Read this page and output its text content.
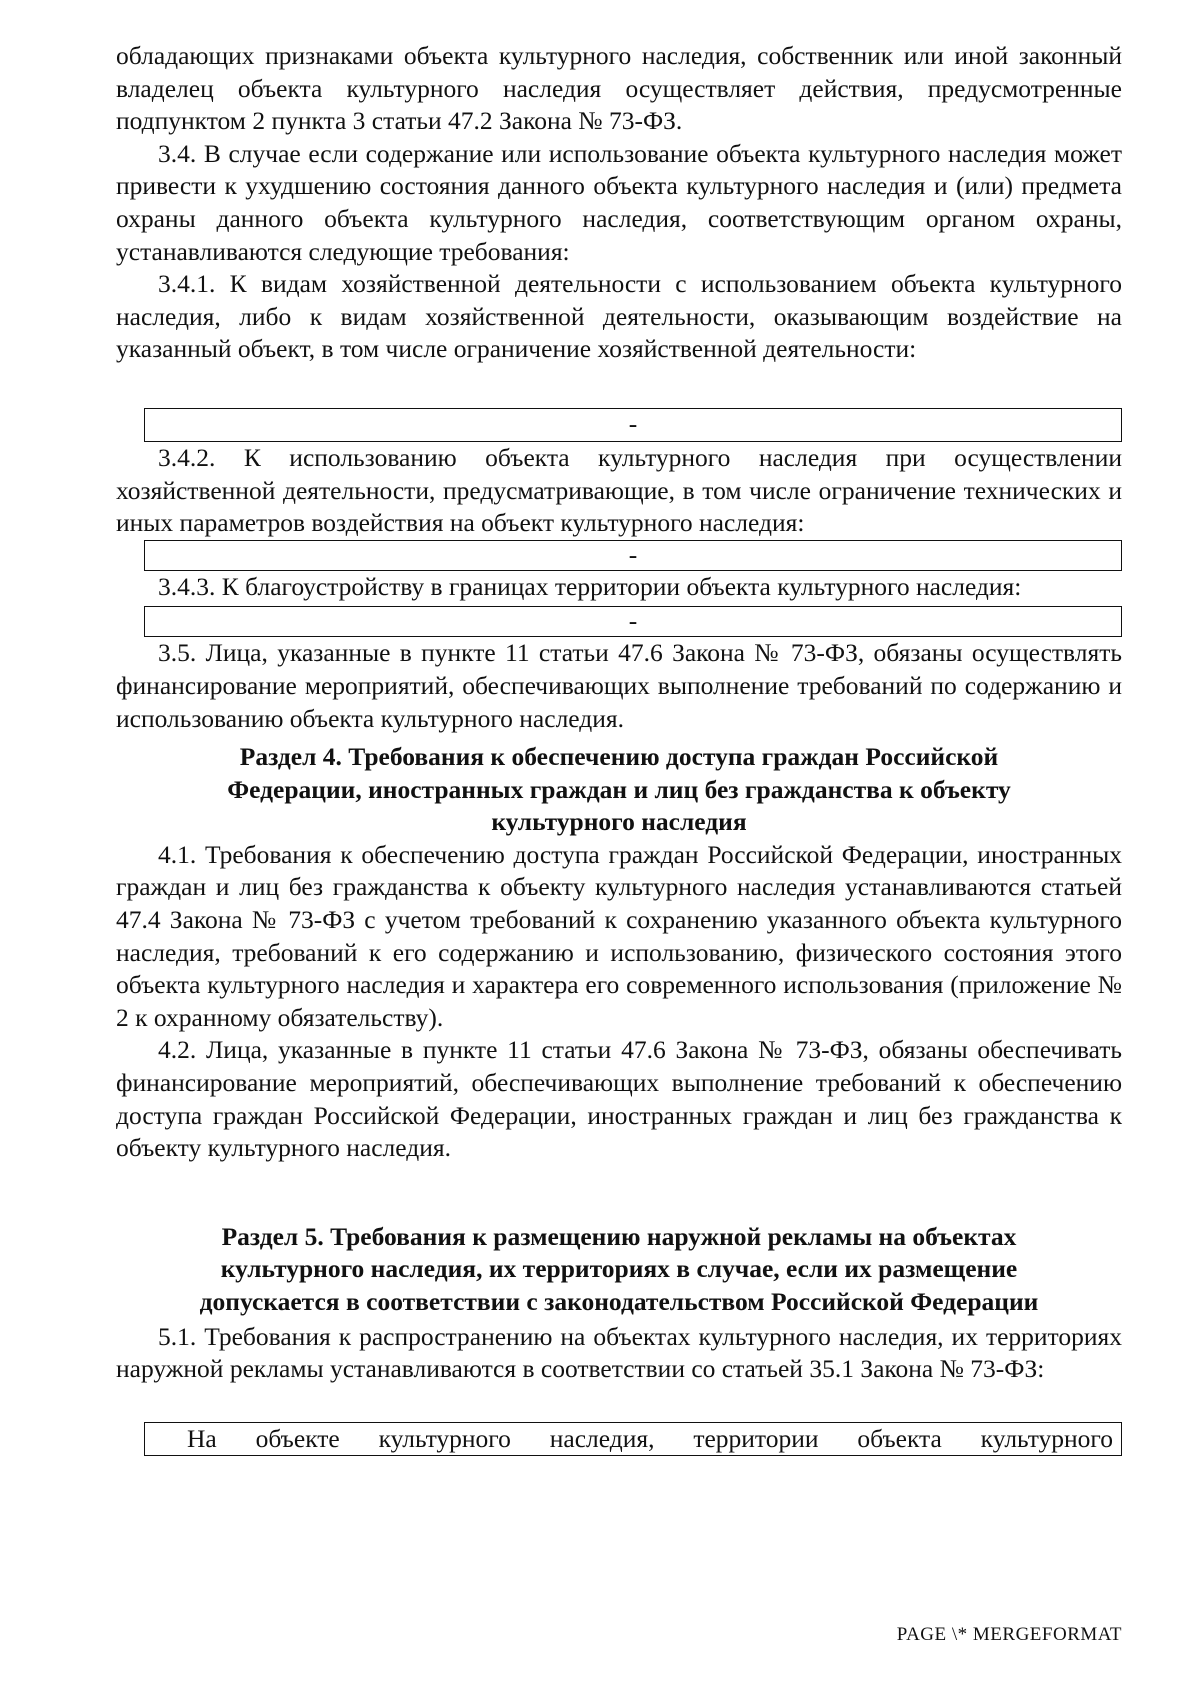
обладающих признаками объекта культурного наследия, собственник или иной законный владелец объекта культурного наследия осуществляет действия, предусмотренные подпунктом 2 пункта 3 статьи 47.2 Закона № 73-ФЗ.

3.4. В случае если содержание или использование объекта культурного наследия может привести к ухудшению состояния данного объекта культурного наследия и (или) предмета охраны данного объекта культурного наследия, соответствующим органом охраны, устанавливаются следующие требования:

3.4.1. К видам хозяйственной деятельности с использованием объекта культурного наследия, либо к видам хозяйственной деятельности, оказывающим воздействие на указанный объект, в том числе ограничение хозяйственной деятельности:

-

3.4.2. К использованию объекта культурного наследия при осуществлении хозяйственной деятельности, предусматривающие, в том числе ограничение технических и иных параметров воздействия на объект культурного наследия:

-

3.4.3. К благоустройству в границах территории объекта культурного наследия:

-

3.5. Лица, указанные в пункте 11 статьи 47.6 Закона № 73-ФЗ, обязаны осуществлять финансирование мероприятий, обеспечивающих выполнение требований по содержанию и использованию объекта культурного наследия.

Раздел 4. Требования к обеспечению доступа граждан Российской

Федерации, иностранных граждан и лиц без гражданства к объекту

культурного наследия

4.1. Требования к обеспечению доступа граждан Российской Федерации, иностранных граждан и лиц без гражданства к объекту культурного наследия устанавливаются статьей 47.4 Закона № 73-ФЗ с учетом требований к сохранению указанного объекта культурного наследия, требований к его содержанию и использованию, физического состояния этого объекта культурного наследия и характера его современного использования (приложение № 2 к охранному обязательству).

4.2. Лица, указанные в пункте 11 статьи 47.6 Закона № 73-ФЗ, обязаны обеспечивать финансирование мероприятий, обеспечивающих выполнение требований к обеспечению доступа граждан Российской Федерации, иностранных граждан и лиц без гражданства к объекту культурного наследия.

Раздел 5. Требования к размещению наружной рекламы на объектах

культурного наследия, их территориях в случае, если их размещение

допускается в соответствии с законодательством Российской Федерации

5.1. Требования к распространению на объектах культурного наследия, их территориях наружной рекламы устанавливаются в соответствии со статьей 35.1 Закона № 73-ФЗ:

На объекте культурного наследия, территории объекта культурного
PAGE \* MERGEFORMAT
